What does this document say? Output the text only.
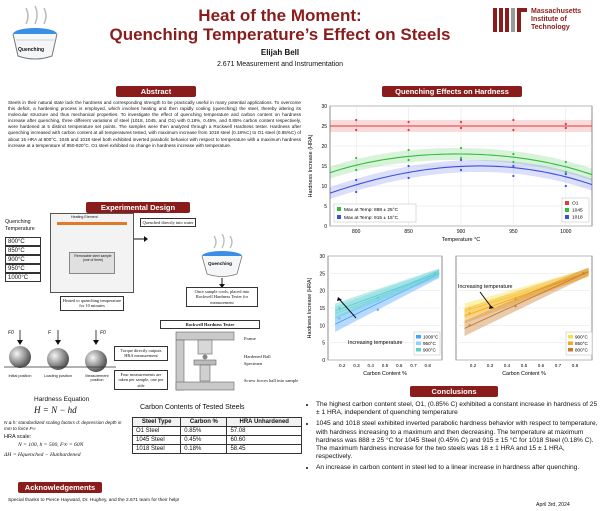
Quenching
Heat of the Moment:
Quenching Temperature’s Effect on Steels
Elijah Bell
2.671 Measurement and Instrumentation
Massachusetts
Institute of
Technology
Abstract
Steels in their natural state lack the hardness and corresponding strength to be practically useful in many potential applications. To overcome this deficit, a hardening process is employed, which involves heating and then rapidly cooling (quenching) the steel, thereby altering its molecular structure and thus mechanical properties. To investigate the effect of quenching temperature and carbon content on hardness increase after quenching, three different variations of steel (1018, 1045, and O1) with 0.18%, 0.45%, and 0.85% carbon content respectively, were hardened at 5 distinct temperature set points. The samples were then analyzed through a Rockwell Hardness tester. Hardness after quenching increased with carbon content at all temperatures tested, with maximum increase from 1018 steel (0.18%C) to O1 steel (0.85%C) of about 15 HRA at 800°C. 1045 and 1018 steel both exhibited inverted parabolic behavior with respect to temperature with a maximum hardness increase at a temperature of 850-920°C. O1 steel exhibited no change in hardness increase with temperature.
Experimental Design
Quenching
Temperature
800°C
850°C
900°C
950°C
1000°C
Heating Element
Removable steel sample (one of three)
Heated to quenching temperature for 10 minutes
Quenched directly into water
Quenching
Once sample cools, placed into Rockwell Hardness Tester for measurement
Rockwell Hardness Tester
Frame
Hardened Ball
Specimen
Screw forces ball into sample
Torque directly outputs HRA measurement
Four measurements are taken per sample, one per side
F0	F	F0
Initial position	Loading position	Measurement position
Hardness Equation
H = N − hd
N & h: standardized scaling factors d: depression depth in mm to force F∞
HRA scale:
N = 100, h = 500, F∞ = 60N
ΔH = Hquenched − Hunhardened
Carbon Contents of Tested Steels
Steel Type	Carbon %	HRA Unhardened
O1 Steel	0.85%	57.08
1045 Steel	0.45%	60.60
1018 Steel	0.18%	58.45
Acknowledgements
Special thanks to Pierce Hayward, Dr. Hughey, and the 2.671 team for their help!
Quenching Effects on Hardness
0
5
10
15
20
25
30
800	850	900	950	1000
Temperature °C
Hardness Increase (HRA)
Max at Temp: 888 ± 25°C
Max at Temp: 915 ± 15°C
O1
1045
1018
0
5
10
15
20
25
30
0.2 0.3 0.4 0.5 0.6 0.7 0.8
Carbon Content %
Hardness Increase (HRA)
Increasing temperature
1000°C
950°C
900°C
0.2 0.3 0.4 0.5 0.6 0.7 0.8
Carbon Content %
Increasing temperature
900°C
850°C
800°C
Conclusions
• The highest carbon content steel, O1, (0.85% C) exhibited a constant increase in hardness of 25 ± 1 HRA, independent of quenching temperature
• 1045 and 1018 steel exhibited inverted parabolic hardness behavior with respect to temperature, with hardness increasing to a maximum and then decreasing. The temperature at maximum hardness was 888 ± 25 °C for 1045 Steel (0.45% C) and 915 ± 15 °C for 1018 Steel (0.18% C). The maximum hardness increase for the two steels was 18 ± 1 HRA and 15 ± 1 HRA, respectively.
• An increase in carbon content in steel led to a linear increase in hardness after quenching.
April 3rd, 2024
